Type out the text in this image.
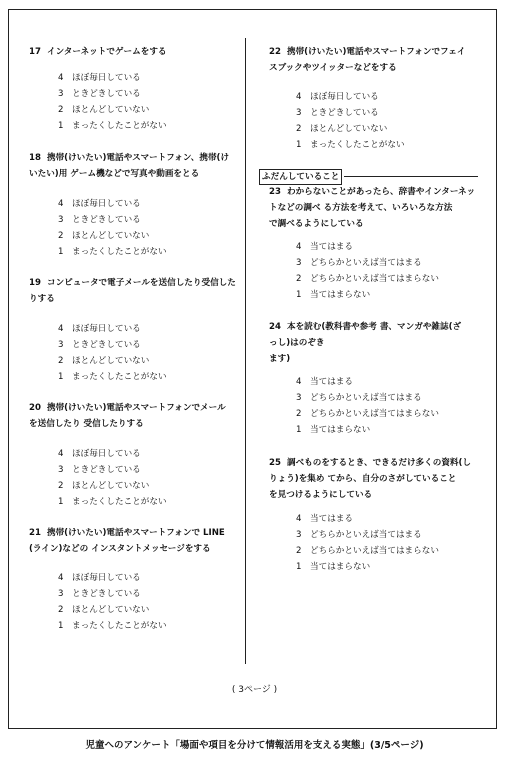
17 インターネットでゲームをする
4 ほぼ毎日している
3 ときどきしている
2 ほとんどしていない
1 まったくしたことがない
18 携帯(けいたい)電話やスマートフォン、携帯(け
いたい)用 ゲーム機などで写真や動画をとる
4 ほぼ毎日している
3 ときどきしている
2 ほとんどしていない
1 まったくしたことがない
19 コンピュータで電子メールを送信したり受信した
りする
4 ほぼ毎日している
3 ときどきしている
2 ほとんどしていない
1 まったくしたことがない
20 携帯(けいたい)電話やスマートフォンでメール
を送信したり 受信したりする
4 ほぼ毎日している
3 ときどきしている
2 ほとんどしていない
1 まったくしたことがない
21 携帯(けいたい)電話やスマートフォンで LINE
(ライン)などの インスタントメッセージをする
4 ほぼ毎日している
3 ときどきしている
2 ほとんどしていない
1 まったくしたことがない
22 携帯(けいたい)電話やスマートフォンでフェイ
スブックやツイッターなどをする
4 ほぼ毎日している
3 ときどきしている
2 ほとんどしていない
1 まったくしたことがない
23 わからないことがあったら、辞書やインターネッ
トなどの調べ る方法を考えて、いろいろな方法
で調べるようにしている
4 当てはまる
3 どちらかといえば当てはまる
2 どちらかといえば当てはまらない
1 当てはまらない
24 本を読む(教科書や参考 書、マンガや雑誌(ざ
っし)はのぞき
ます)
4 当てはまる
3 どちらかといえば当てはまる
2 どちらかといえば当てはまらない
1 当てはまらない
25 調べものをするとき、できるだけ多くの資料(し
りょう)を集め てから、自分のさがしていること
を見つけるようにしている
4 当てはまる
3 どちらかといえば当てはまる
2 どちらかといえば当てはまらない
1 当てはまらない
ふだんしていること
( 3ページ )
児童へのアンケート「場面や項目を分けて情報活用を支える実態」(3/5ページ)
